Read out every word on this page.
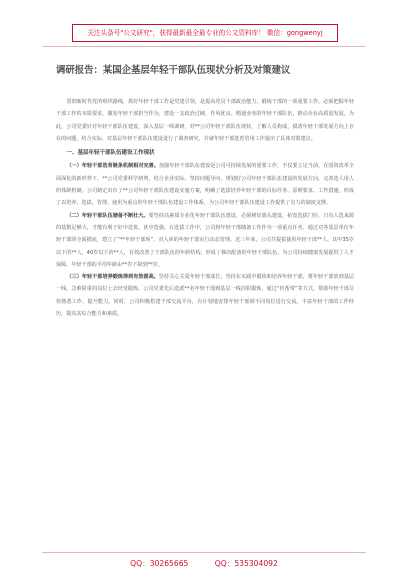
关注头条号"公文研究"，获得最新最全最专业的公文资料库！ 微信：gongwenyj
调研报告：某国企基层年轻干部队伍现状分析及对策建议

贯彻新时代党的组织路线，抓好年轻干部工作是党建引领，是提高党员干部政治能力、锻炼干部的一项重要工作。必须把握年轻干部工作的本质要求，激发年轻干部担当作为，建设一支政治过硬、作风优良、精通业务的年轻干部队伍，推动企业高质量发展。为此，公司党委针对年轻干部队伍建设，深入基层一线调研，对**公司年轻干部队伍现状，了解人员构成，摸清年轻干部发展方向上存在的问题，结合实际，对基层年轻干部队伍建设进行了调查研究，并就年轻干部选育管用工作提出了具体对策建议。

一、基层年轻干部队伍建设工作现状

（一）年轻干部选育链条机制相对完善。加强年轻干部队伍建设是公司可持续发展的重要工作，不仅要立足当前，在国资改革全面深化的新形势下，**公司党委科学研判，结合企业实际，坚持问题导向，规划好公司年轻干部队伍建设的发展方向，完善选人用人的体制机制。公司制定出台了**公司年轻干部队伍建设实施方案，明确了选拔培养年轻干部的目标任务、原则要求、工作措施，形成了以培养、选拔、管理、使用为重点的年轻干部队伍建设工作体系，为公司年轻干部队伍建设工作提供了有力的制度支撑。

（二）年轻干部队伍储备不断壮大。要坚持高素质专业化年轻干部队伍建设，必须树好源头建设，拓宽选拔门径，只有人选来源的基数足够大，才能有利于好中选优、优中选强。在选拔工作中，公司将年轻干部储备工作作为一项重点任务，通过对各基层单位年轻干部的全面摸底，建立了“**年轻干部库”，对入库的年轻干部实行动态管理。近三年来，公司共提拔使用年轻干部**人，其中35岁以下的**人，40岁以下的**人，有效改善了干部队伍的年龄结构，形成了梯次配备的年轻干部队伍，为公司持续健康发展提供了人才保障。年轻干部的平均年龄由**岁下降到**岁。

（三）年轻干部培养锻炼得到有效提高。坚持关心关爱年轻干部成长，坚持在实践中锻炼和培养年轻干部，将年轻干部放到基层一线、急难险重的岗位上去经受锻炼。公司党委先后选派**名年轻干部到基层一线挂职锻炼，通过“传帮带”等方式，帮助年轻干部尽快熟悉工作、提升能力。同时，公司积极搭建干部交流平台，有计划地安排年轻干部到不同岗位进行交流，丰富年轻干部的工作经历，提高其综合能力和素质。

QQ：30265665	QQ：535304092
